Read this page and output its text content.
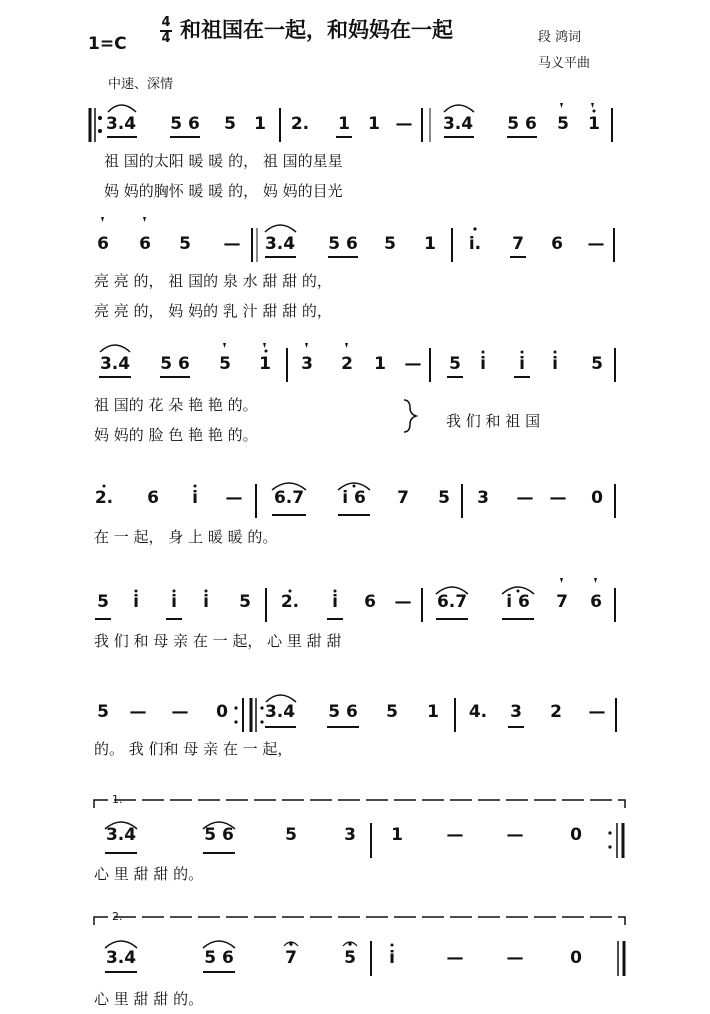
1=C
4
4 和祖国在一起，和妈妈在一起	段 鸿词
马义平曲
中速、深情
3.4 5 6 5 1 2. 1 1 — 3.4 5 6 5 1
祖 国的太阳 暖 暖 的， 祖 国的星星
妈 妈的胸怀 暖 暖 的， 妈 妈的目光
6 6 5 — 3.4 5 6 5 1 i. 7 6 —
亮 亮 的， 祖 国的 泉 水 甜 甜 的，
亮 亮 的， 妈 妈的 乳 汁 甜 甜 的，
3.4 5 6 5 1 3 2 1 — 5 i i i 5
祖 国的 花 朵 艳 艳 的。
妈 妈的 脸 色 艳 艳 的。
我 们 和 祖 国
2. 6 i — 6.7 i 6 7 5 3 — — 0
在 一 起， 身 上 暖 暖 的。
5 i i i 5 2. i 6 — 6.7 i 6 7 6
我 们 和 母 亲 在 一 起， 心 里 甜 甜
5 — — 0 3.4 5 6 5 1 4. 3 2 —
的。 我 们和 母 亲 在 一 起，
1.
3.4	5 6	5	3 1	—	—	0
心 里 甜 甜 的。
2.
3.4	5 6	7	5 i	—	—	0
心 里 甜 甜 的。
